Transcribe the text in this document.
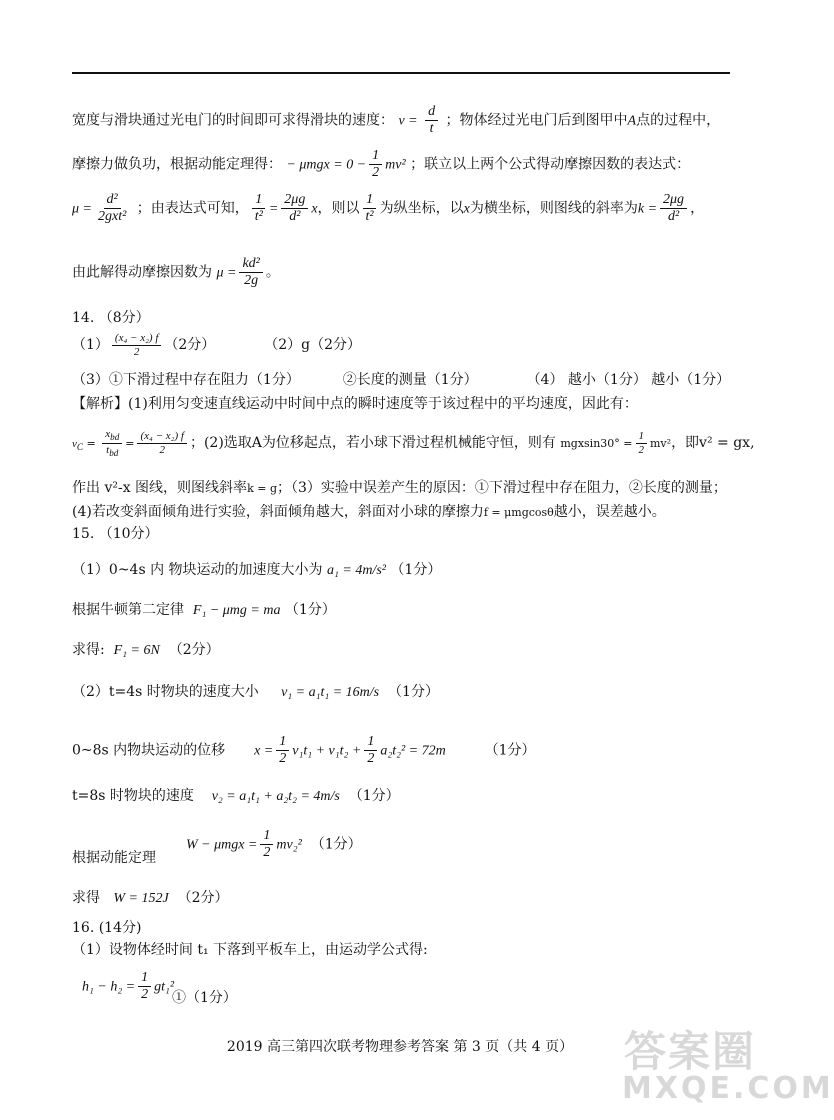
宽度与滑块通过光电门的时间即可求得滑块的速度： $v = \frac{d}{t}$ ；物体经过光电门后到图甲中A点的过程中，
摩擦力做负功，根据动能定理得： − $\mu mgx = 0 - \frac{1}{2} mv^2$ ；联立以上两个公式得动摩擦因数的表达式：
$\mu = \frac{\text{d²}}{\text{2gxt²}}$ ；由表达式可知， $\frac{1}{\text{t²}} = \frac{2\mu g}{\text{d²}}$ x，则以 $\frac{1}{\text{t²}}$ 为纵坐标，以x为横坐标，则图线的斜率为$k = \frac{2\mu g}{\text{d²}}$ ，
由此解得动摩擦因数为 $\mu = \frac{\text{kd²}}{2g}$ 。
14. （8分）
$(1) \frac{\text{(x₄ − x₂) f}}{2} (2$分）	（2）g（2分）
（3）①下滑过程中存在阻力（1分）	②长度的测量（1分）	（4） 越小（1分） 越小（1分）
【解析】(1)利用匀变速直线运动中时间中点的瞬时速度等于该过程中的平均速度，因此有：
$v_C = \frac{x_{bd}}{t_{bd}} = \frac{\text{(x₄ − x₂) f}}{2}$ ；(2)选取A为位移起点，若小球下滑过程机械能守恒，则有 $mgxsin30^\circ = \frac{1}{2} mv^2$，即v² = gx,
作出 v²-x 图线，则图线斜率k = g；（3）实验中误差产生的原因：①下滑过程中存在阻力，②长度的测量；
(4)若改变斜面倾角进行实验，斜面倾角越大，斜面对小球的摩擦力f = μmgcosθ越小，误差越小。
15. （10分）
（1）0~4s 内 物块运动的加速度大小为 a₁ = 4m/s² （1分）
根据牛顿第二定律 F₁ − μmg = ma （1分）
求得: F₁ = 6N （2分）
（2）t=4s 时物块的速度大小 v₁ = a₁t₁ = 16m/s （1分）
0~8s 内物块运动的位移 $x = \frac{1}{2} v_1t_1 + v_1t_2 + \frac{1}{2} a_2t_2^2 = 72m$	（1分）
t=8s 时物块的速度 v₂ = a₁t₁ + a₂t₂ = 4m/s （1分）
$W - \mu mgx = \frac{1}{2} mv_2^2$ （1分）
根据动能定理
求得 W = 152J （2分）
16. (14分)
（1）设物体经时间 t₁ 下落到平板车上，由运动学公式得:
$h_1 - h_2 = \frac{1}{2} gt_1^2$
①（1分）
2019 高三第四次联考物理参考答案 第 3 页（共 4 页）	答案圈
MXQE.COM
